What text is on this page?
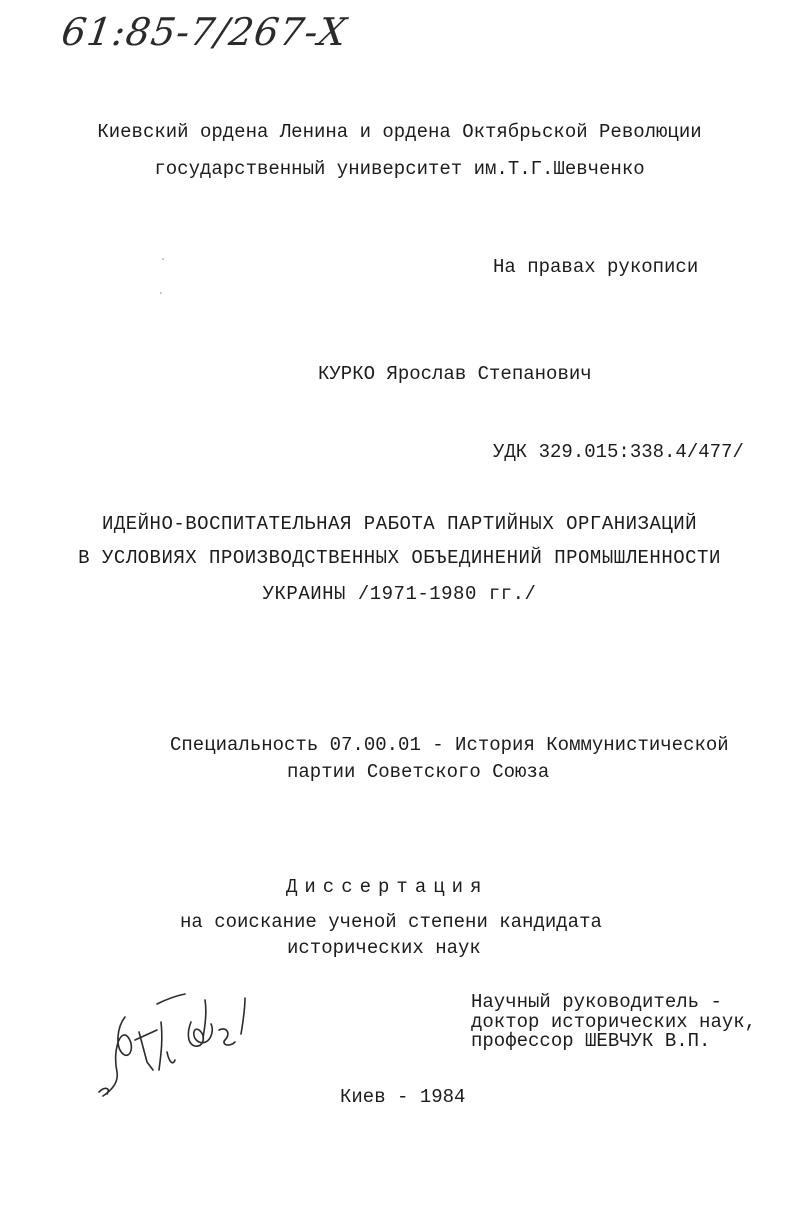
61:85-7/267-Х
Киевский ордена Ленина и ордена Октябрьской Революции
государственный университет им.Т.Г.Шевченко
На правах рукописи
КУРКО Ярослав Степанович
УДК 329.015:338.4/477/
ИДЕЙНО-ВОСПИТАТЕЛЬНАЯ РАБОТА ПАРТИЙНЫХ ОРГАНИЗАЦИЙ
В УСЛОВИЯХ ПРОИЗВОДСТВЕННЫХ ОБЪЕДИНЕНИЙ ПРОМЫШЛЕННОСТИ
УКРАИНЫ /1971-1980 гг./
Специальность 07.00.01 - История Коммунистической
партии Советского Союза
Диссертация
на соискание ученой степени кандидата
исторических наук
Научный руководитель -
доктор исторических наук,
профессор ШЕВЧУК В.П.
Киев - 1984
